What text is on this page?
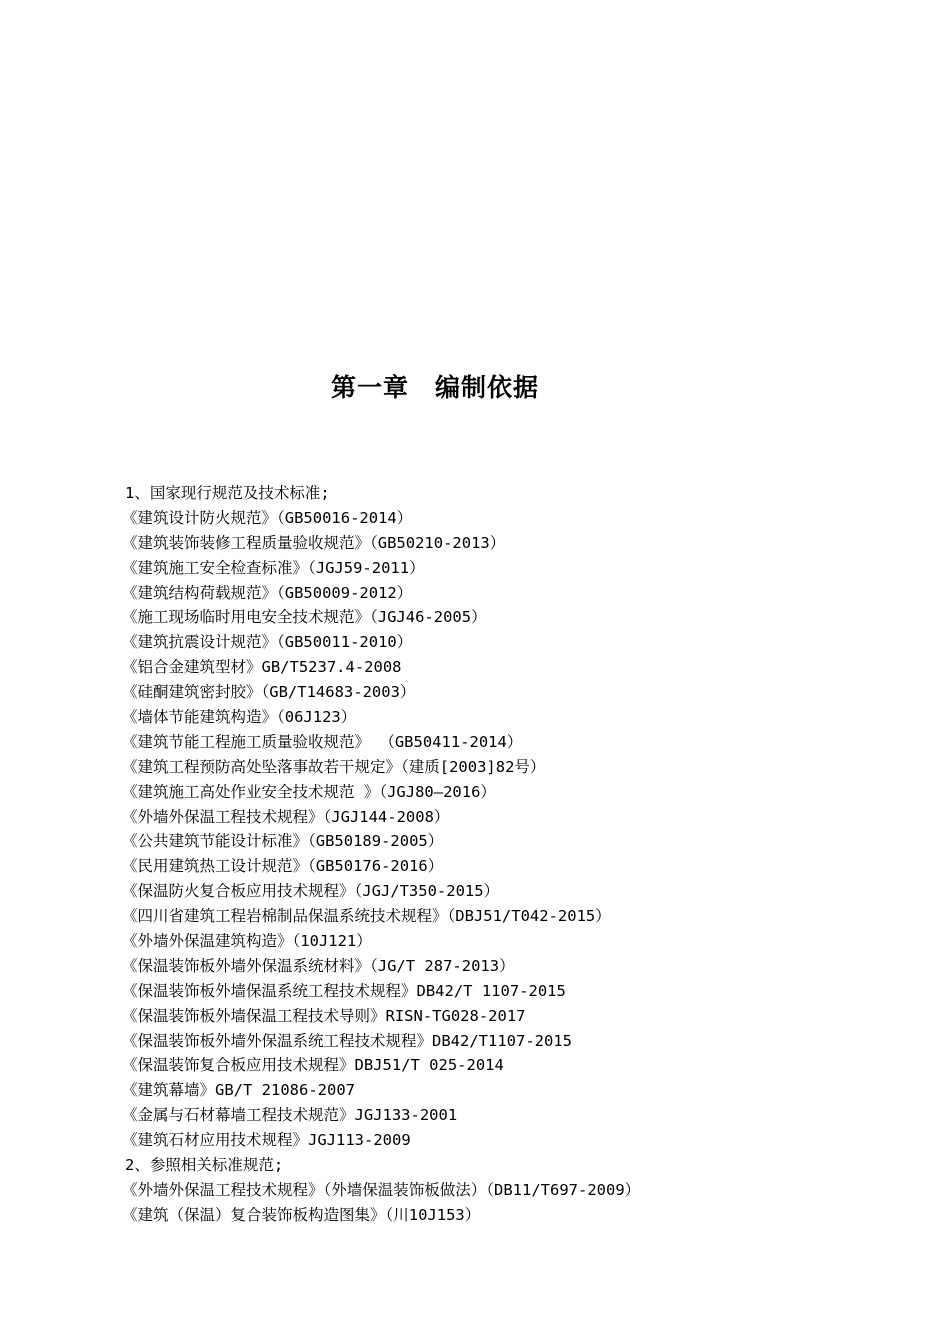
第一章　编制依据
1、国家现行规范及技术标准;
《建筑设计防火规范》（GB50016-2014）
《建筑装饰装修工程质量验收规范》（GB50210-2013）
《建筑施工安全检查标准》（JGJ59-2011）
《建筑结构荷载规范》（GB50009-2012）
《施工现场临时用电安全技术规范》（JGJ46-2005）
《建筑抗震设计规范》（GB50011-2010）
《铝合金建筑型材》GB/T5237.4-2008
《硅酮建筑密封胶》（GB/T14683-2003）
《墙体节能建筑构造》（06J123）
《建筑节能工程施工质量验收规范》 （GB50411-2014）
《建筑工程预防高处坠落事故若干规定》（建质[2003]82号）
《建筑施工高处作业安全技术规范 》（JGJ80—2016）
《外墙外保温工程技术规程》（JGJ144-2008）
《公共建筑节能设计标准》（GB50189-2005）
《民用建筑热工设计规范》（GB50176-2016）
《保温防火复合板应用技术规程》（JGJ/T350-2015）
《四川省建筑工程岩棉制品保温系统技术规程》（DBJ51/T042-2015）
《外墙外保温建筑构造》（10J121）
《保温装饰板外墙外保温系统材料》（JG/T 287-2013）
《保温装饰板外墙保温系统工程技术规程》DB42/T 1107-2015
《保温装饰板外墙保温工程技术导则》RISN-TG028-2017
《保温装饰板外墙外保温系统工程技术规程》DB42/T1107-2015
《保温装饰复合板应用技术规程》DBJ51/T 025-2014
《建筑幕墙》GB/T 21086-2007
《金属与石材幕墙工程技术规范》JGJ133-2001
《建筑石材应用技术规程》JGJ113-2009
2、参照相关标准规范;
《外墙外保温工程技术规程》（外墙保温装饰板做法）（DB11/T697-2009）
《建筑（保温）复合装饰板构造图集》（川10J153）
